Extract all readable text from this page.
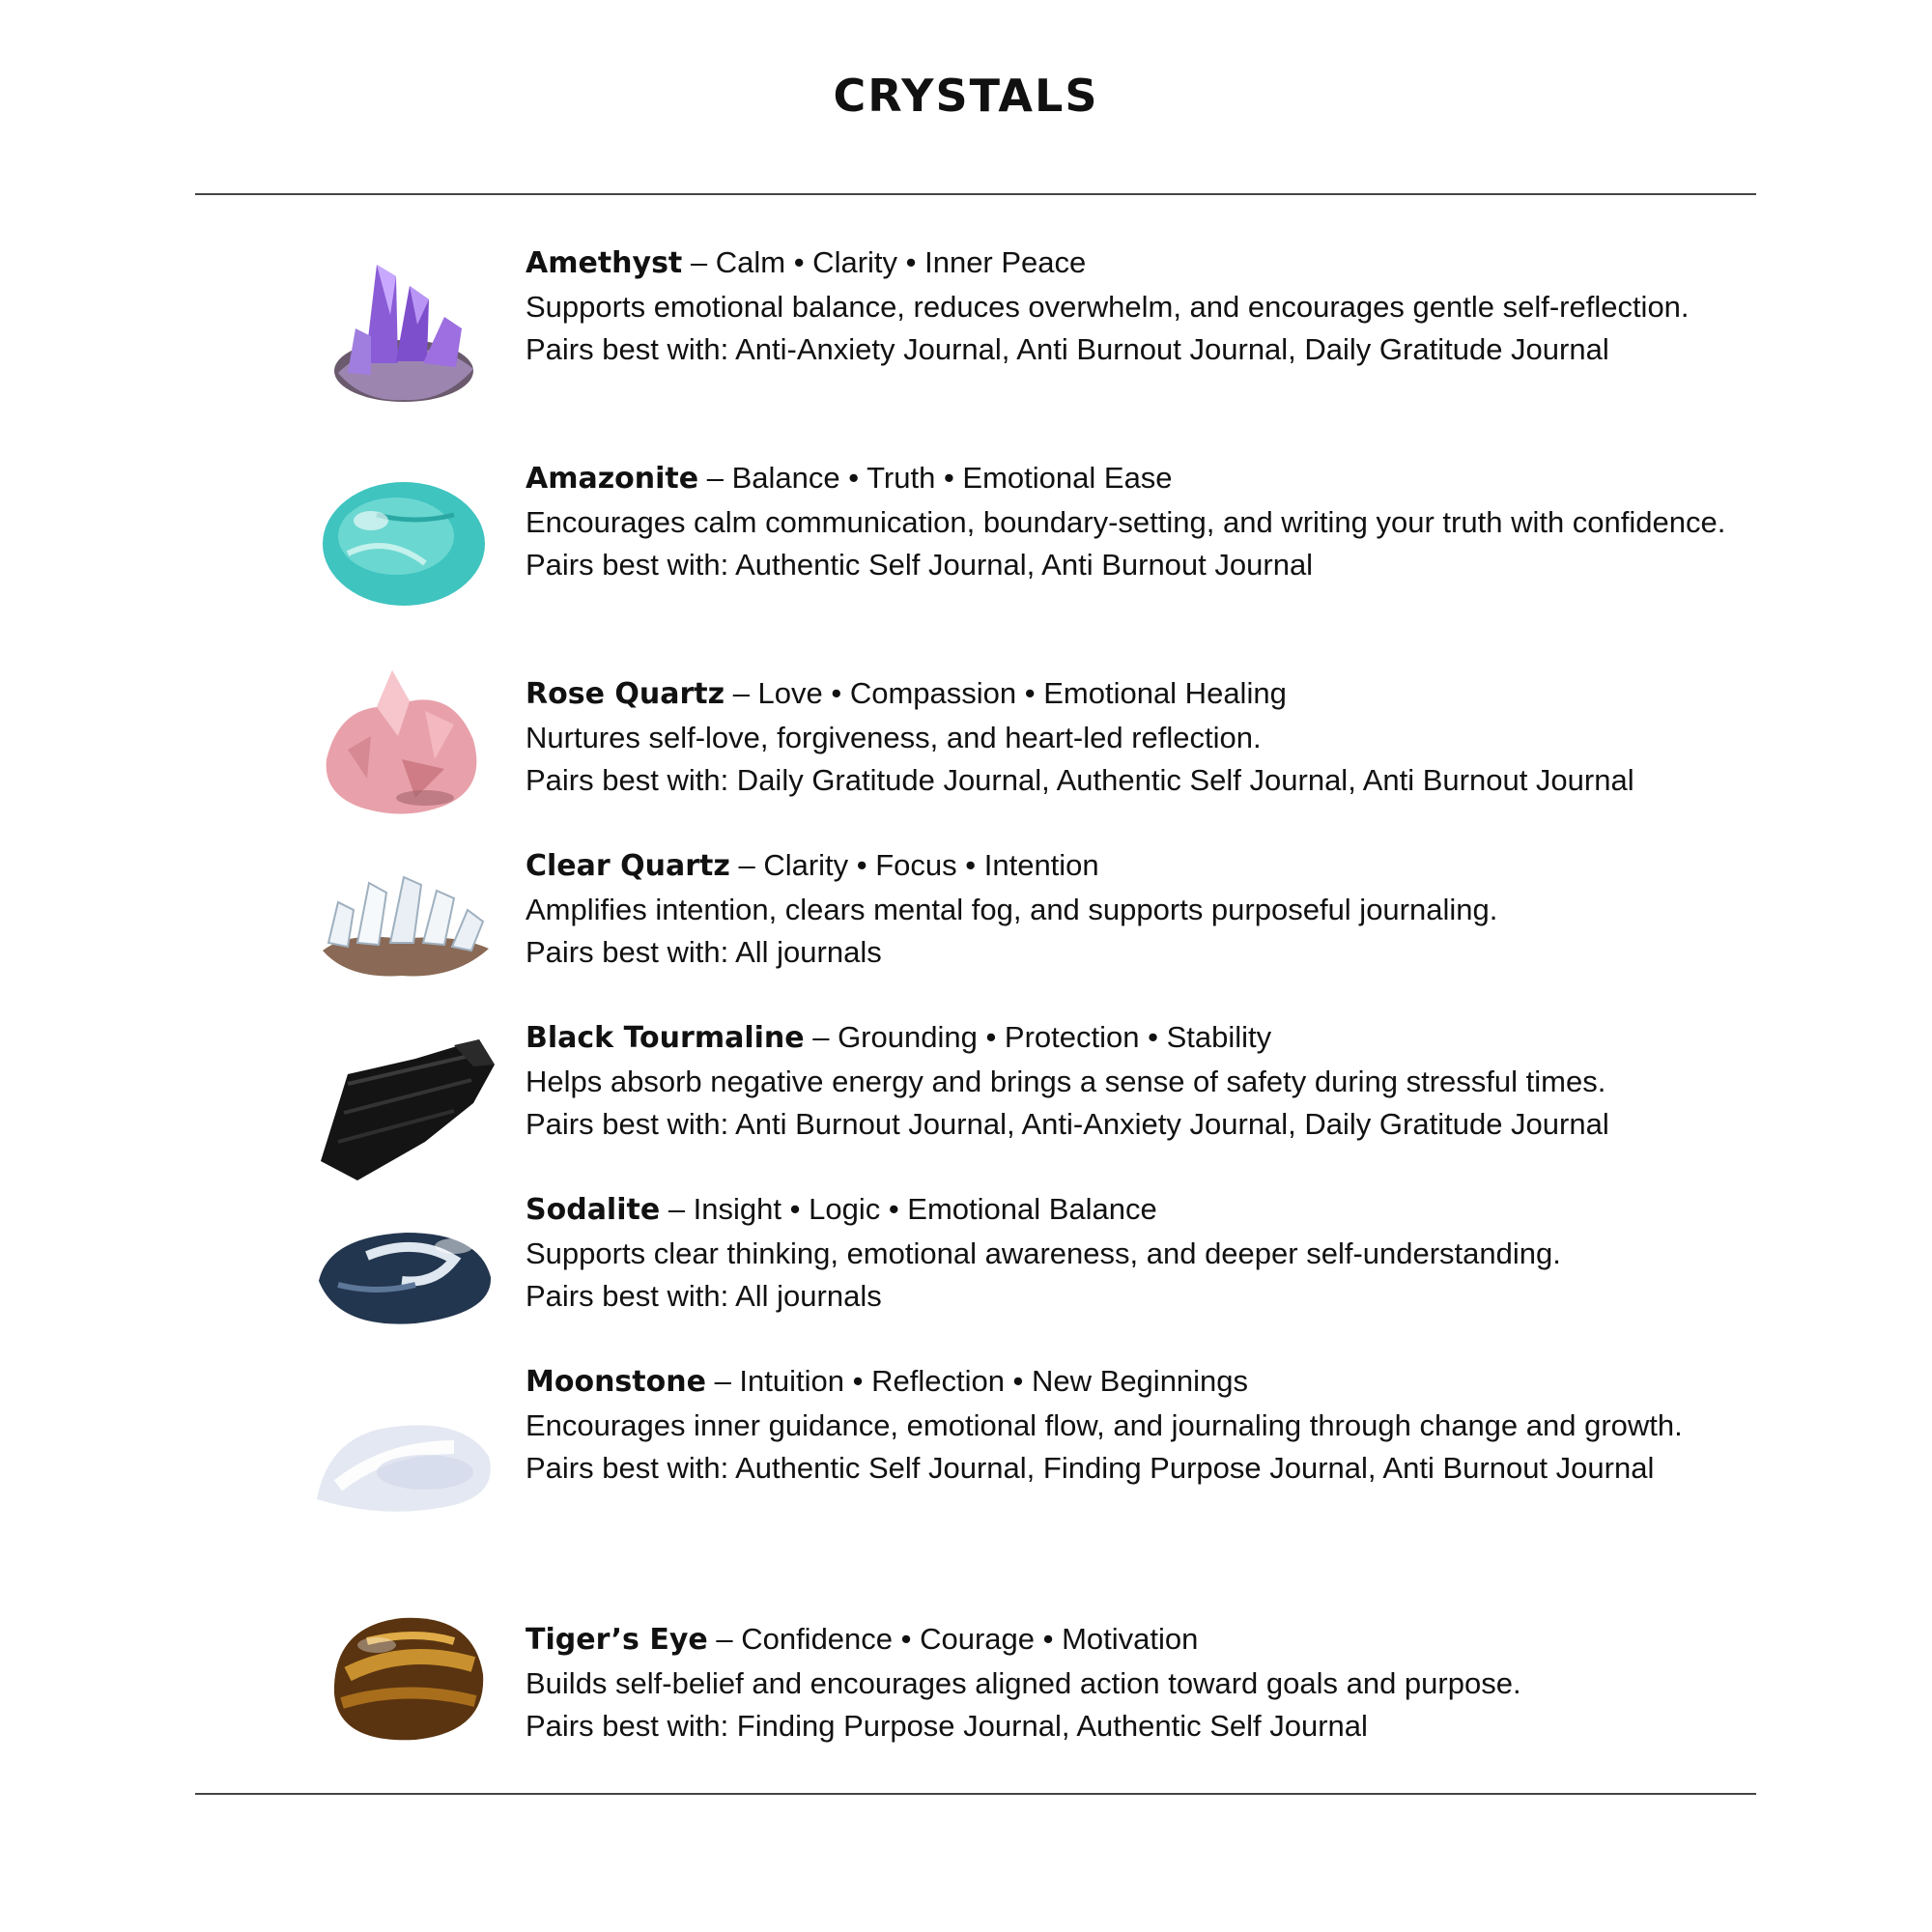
CRYSTALS

Amethyst – Calm • Clarity • Inner Peace

Supports emotional balance, reduces overwhelm, and encourages gentle self-reflection.

Pairs best with: Anti-Anxiety Journal, Anti Burnout Journal, Daily Gratitude Journal

Amazonite – Balance • Truth • Emotional Ease

Encourages calm communication, boundary-setting, and writing your truth with confidence.

Pairs best with: Authentic Self Journal, Anti Burnout Journal

Rose Quartz – Love • Compassion • Emotional Healing

Nurtures self-love, forgiveness, and heart-led reflection.

Pairs best with: Daily Gratitude Journal, Authentic Self Journal, Anti Burnout Journal

Clear Quartz – Clarity • Focus • Intention

Amplifies intention, clears mental fog, and supports purposeful journaling.

Pairs best with: All journals

Black Tourmaline – Grounding • Protection • Stability

Helps absorb negative energy and brings a sense of safety during stressful times.

Pairs best with: Anti Burnout Journal, Anti-Anxiety Journal, Daily Gratitude Journal

Sodalite – Insight • Logic • Emotional Balance

Supports clear thinking, emotional awareness, and deeper self-understanding.

Pairs best with: All journals

Moonstone – Intuition • Reflection • New Beginnings

Encourages inner guidance, emotional flow, and journaling through change and growth.

Pairs best with: Authentic Self Journal, Finding Purpose Journal, Anti Burnout Journal

Tiger’s Eye – Confidence • Courage • Motivation

Builds self-belief and encourages aligned action toward goals and purpose.

Pairs best with: Finding Purpose Journal, Authentic Self Journal
